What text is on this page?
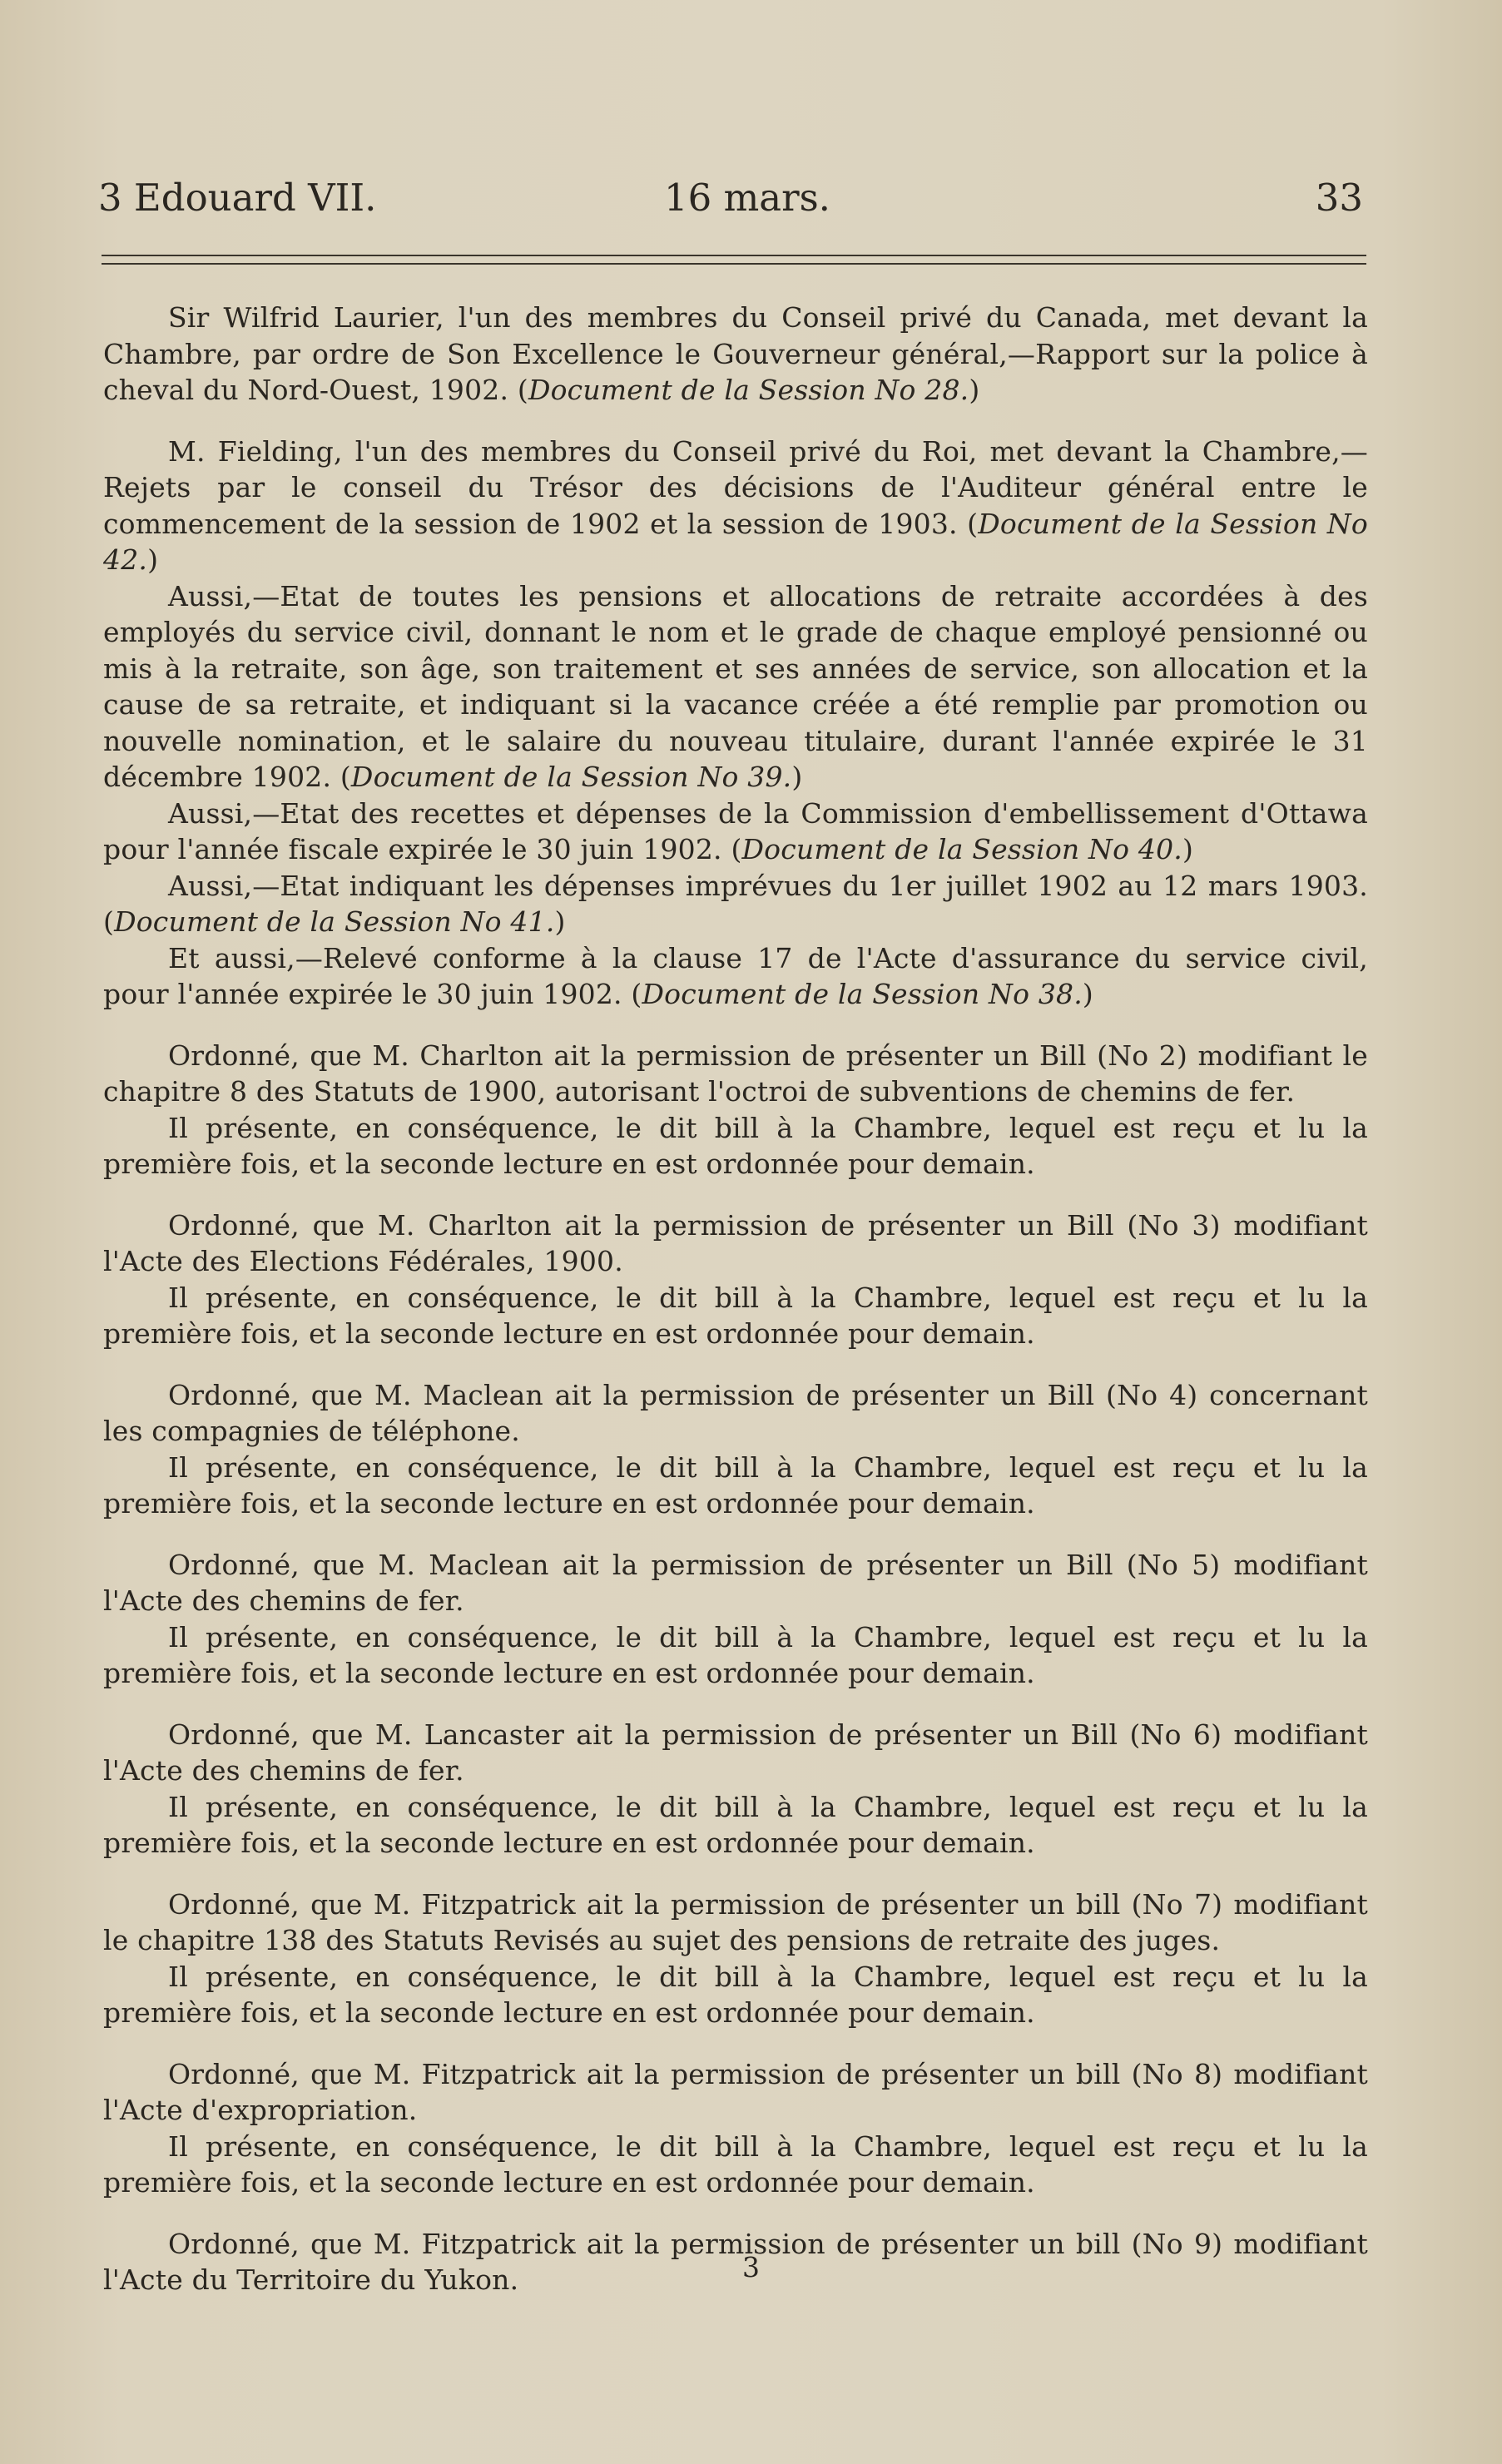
3 Edouard VII.	16 mars.	33

Sir Wilfrid Laurier, l'un des membres du Conseil privé du Canada, met devant la Chambre, par ordre de Son Excellence le Gouverneur général,—Rapport sur la police à cheval du Nord-Ouest, 1902. (Document de la Session No 28.)

M. Fielding, l'un des membres du Conseil privé du Roi, met devant la Chambre,—Rejets par le conseil du Trésor des décisions de l'Auditeur général entre le commencement de la session de 1902 et la session de 1903. (Document de la Session No 42.)

Aussi,—Etat de toutes les pensions et allocations de retraite accordées à des employés du service civil, donnant le nom et le grade de chaque employé pensionné ou mis à la retraite, son âge, son traitement et ses années de service, son allocation et la cause de sa retraite, et indiquant si la vacance créée a été remplie par promotion ou nouvelle nomination, et le salaire du nouveau titulaire, durant l'année expirée le 31 décembre 1902. (Document de la Session No 39.)

Aussi,—Etat des recettes et dépenses de la Commission d'embellissement d'Ottawa pour l'année fiscale expirée le 30 juin 1902. (Document de la Session No 40.)

Aussi,—Etat indiquant les dépenses imprévues du 1er juillet 1902 au 12 mars 1903. (Document de la Session No 41.)

Et aussi,—Relevé conforme à la clause 17 de l'Acte d'assurance du service civil, pour l'année expirée le 30 juin 1902. (Document de la Session No 38.)

Ordonné, que M. Charlton ait la permission de présenter un Bill (No 2) modifiant le chapitre 8 des Statuts de 1900, autorisant l'octroi de subventions de chemins de fer.

Il présente, en conséquence, le dit bill à la Chambre, lequel est reçu et lu la première fois, et la seconde lecture en est ordonnée pour demain.

Ordonné, que M. Charlton ait la permission de présenter un Bill (No 3) modifiant l'Acte des Elections Fédérales, 1900.

Il présente, en conséquence, le dit bill à la Chambre, lequel est reçu et lu la première fois, et la seconde lecture en est ordonnée pour demain.

Ordonné, que M. Maclean ait la permission de présenter un Bill (No 4) concernant les compagnies de téléphone.

Il présente, en conséquence, le dit bill à la Chambre, lequel est reçu et lu la première fois, et la seconde lecture en est ordonnée pour demain.

Ordonné, que M. Maclean ait la permission de présenter un Bill (No 5) modifiant l'Acte des chemins de fer.

Il présente, en conséquence, le dit bill à la Chambre, lequel est reçu et lu la première fois, et la seconde lecture en est ordonnée pour demain.

Ordonné, que M. Lancaster ait la permission de présenter un Bill (No 6) modifiant l'Acte des chemins de fer.

Il présente, en conséquence, le dit bill à la Chambre, lequel est reçu et lu la première fois, et la seconde lecture en est ordonnée pour demain.

Ordonné, que M. Fitzpatrick ait la permission de présenter un bill (No 7) modifiant le chapitre 138 des Statuts Revisés au sujet des pensions de retraite des juges.

Il présente, en conséquence, le dit bill à la Chambre, lequel est reçu et lu la première fois, et la seconde lecture en est ordonnée pour demain.

Ordonné, que M. Fitzpatrick ait la permission de présenter un bill (No 8) modifiant l'Acte d'expropriation.

Il présente, en conséquence, le dit bill à la Chambre, lequel est reçu et lu la première fois, et la seconde lecture en est ordonnée pour demain.

Ordonné, que M. Fitzpatrick ait la permission de présenter un bill (No 9) modifiant l'Acte du Territoire du Yukon.	3
